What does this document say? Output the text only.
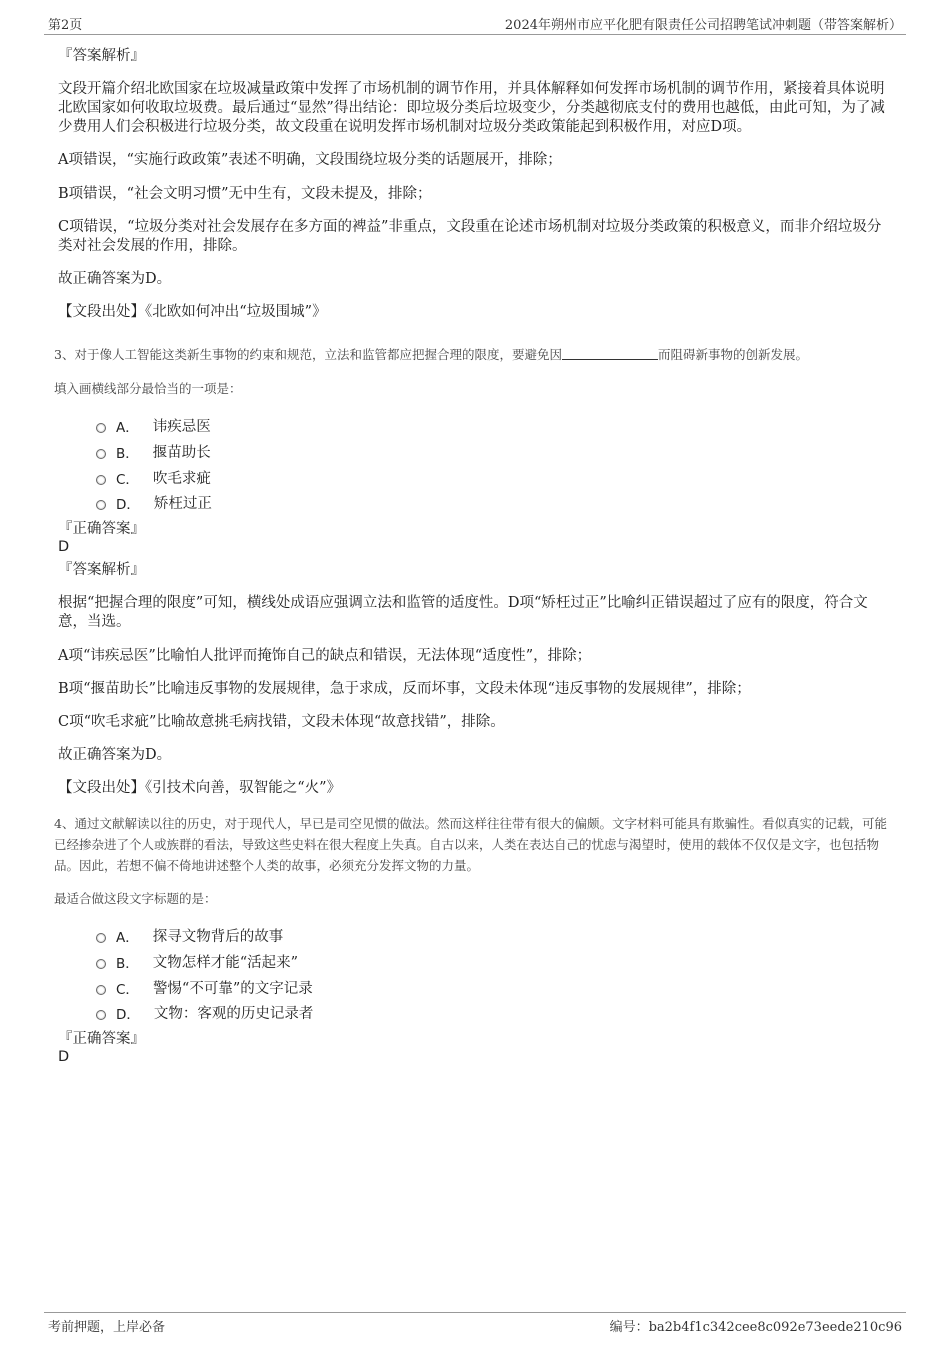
第2页	2024年朔州市应平化肥有限责任公司招聘笔试冲刺题（带答案解析）
『答案解析』
文段开篇介绍北欧国家在垃圾减量政策中发挥了市场机制的调节作用，并具体解释如何发挥市场机制的调节作用，紧接着具体说明北欧国家如何收取垃圾费。最后通过“显然”得出结论：即垃圾分类后垃圾变少，分类越彻底支付的费用也越低，由此可知，为了减少费用人们会积极进行垃圾分类，故文段重在说明发挥市场机制对垃圾分类政策能起到积极作用，对应D项。
A项错误，“实施行政政策”表述不明确，文段围绕垃圾分类的话题展开，排除；
B项错误，“社会文明习惯”无中生有，文段未提及，排除；
C项错误，“垃圾分类对社会发展存在多方面的裨益”非重点，文段重在论述市场机制对垃圾分类政策的积极意义，而非介绍垃圾分类对社会发展的作用，排除。
故正确答案为D。
【文段出处】《北欧如何冲出“垃圾围城”》
3、对于像人工智能这类新生事物的约束和规范，立法和监管都应把握合理的限度，要避免因	而阻碍新事物的创新发展。
填入画横线部分最恰当的一项是：
A． 讳疾忌医
B． 揠苗助长
C． 吹毛求疵
D． 矫枉过正
『正确答案』
D
『答案解析』
根据“把握合理的限度”可知，横线处成语应强调立法和监管的适度性。D项“矫枉过正”比喻纠正错误超过了应有的限度，符合文意，当选。
A项“讳疾忌医”比喻怕人批评而掩饰自己的缺点和错误，无法体现“适度性”，排除；
B项“揠苗助长”比喻违反事物的发展规律，急于求成，反而坏事，文段未体现“违反事物的发展规律”，排除；
C项“吹毛求疵”比喻故意挑毛病找错，文段未体现“故意找错”，排除。
故正确答案为D。
【文段出处】《引技术向善，驭智能之“火”》
4、通过文献解读以往的历史，对于现代人，早已是司空见惯的做法。然而这样往往带有很大的偏颇。文字材料可能具有欺骗性。看似真实的记载，可能已经掺杂进了个人或族群的看法，导致这些史料在很大程度上失真。自古以来，人类在表达自己的忧虑与渴望时，使用的载体不仅仅是文字，也包括物品。因此，若想不偏不倚地讲述整个人类的故事，必须充分发挥文物的力量。
最适合做这段文字标题的是：
A． 探寻文物背后的故事
B． 文物怎样才能“活起来”
C． 警惕“不可靠”的文字记录
D． 文物：客观的历史记录者
『正确答案』
D
考前押题，上岸必备	编号：ba2b4f1c342cee8c092e73eede210c96
